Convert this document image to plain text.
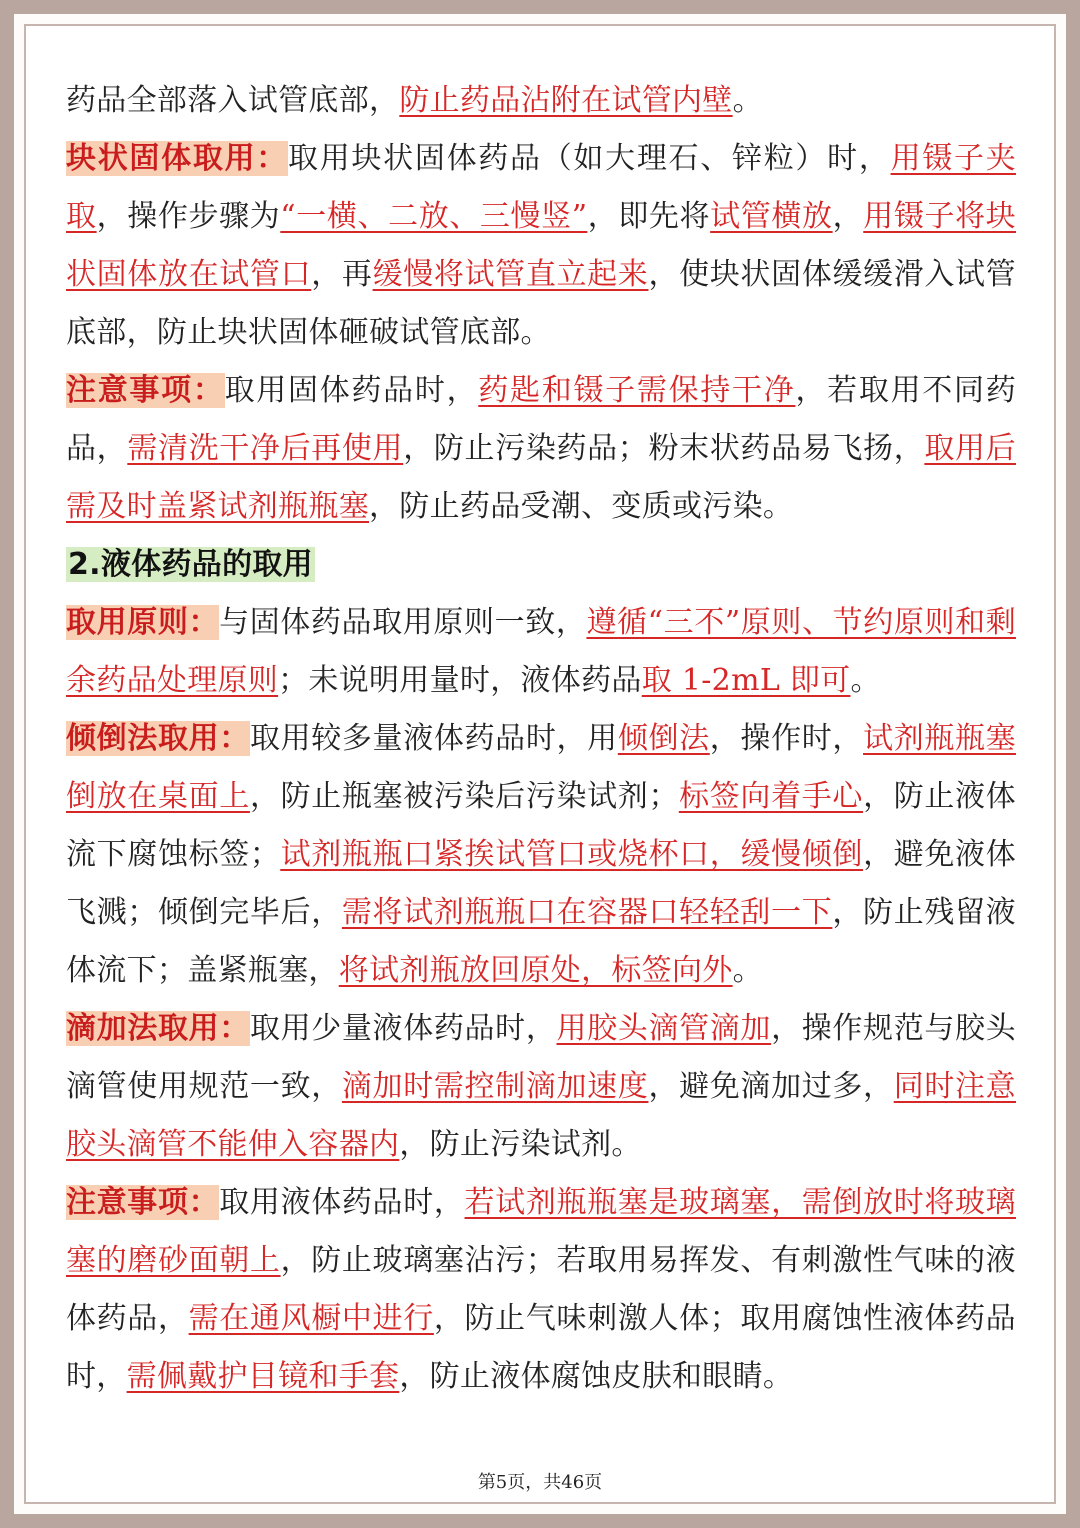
药品全部落入试管底部，防止药品沾附在试管内壁。

块状固体取用：取用块状固体药品（如大理石、锌粒）时，用镊子夹取，操作步骤为“一横、二放、三慢竖”，即先将试管横放，用镊子将块状固体放在试管口，再缓慢将试管直立起来，使块状固体缓缓滑入试管底部，防止块状固体砸破试管底部。

注意事项：取用固体药品时，药匙和镊子需保持干净，若取用不同药品，需清洗干净后再使用，防止污染药品；粉末状药品易飞扬，取用后需及时盖紧试剂瓶瓶塞，防止药品受潮、变质或污染。

2.液体药品的取用

取用原则：与固体药品取用原则一致，遵循“三不”原则、节约原则和剩余药品处理原则；未说明用量时，液体药品取 1-2mL 即可。

倾倒法取用：取用较多量液体药品时，用倾倒法，操作时，试剂瓶瓶塞倒放在桌面上，防止瓶塞被污染后污染试剂；标签向着手心，防止液体流下腐蚀标签；试剂瓶瓶口紧挨试管口或烧杯口，缓慢倾倒，避免液体飞溅；倾倒完毕后，需将试剂瓶瓶口在容器口轻轻刮一下，防止残留液体流下；盖紧瓶塞，将试剂瓶放回原处，标签向外。

滴加法取用：取用少量液体药品时，用胶头滴管滴加，操作规范与胶头滴管使用规范一致，滴加时需控制滴加速度，避免滴加过多，同时注意胶头滴管不能伸入容器内，防止污染试剂。

注意事项：取用液体药品时，若试剂瓶瓶塞是玻璃塞，需倒放时将玻璃塞的磨砂面朝上，防止玻璃塞沾污；若取用易挥发、有刺激性气味的液体药品，需在通风橱中进行，防止气味刺激人体；取用腐蚀性液体药品时，需佩戴护目镜和手套，防止液体腐蚀皮肤和眼睛。

第5页，共46页
